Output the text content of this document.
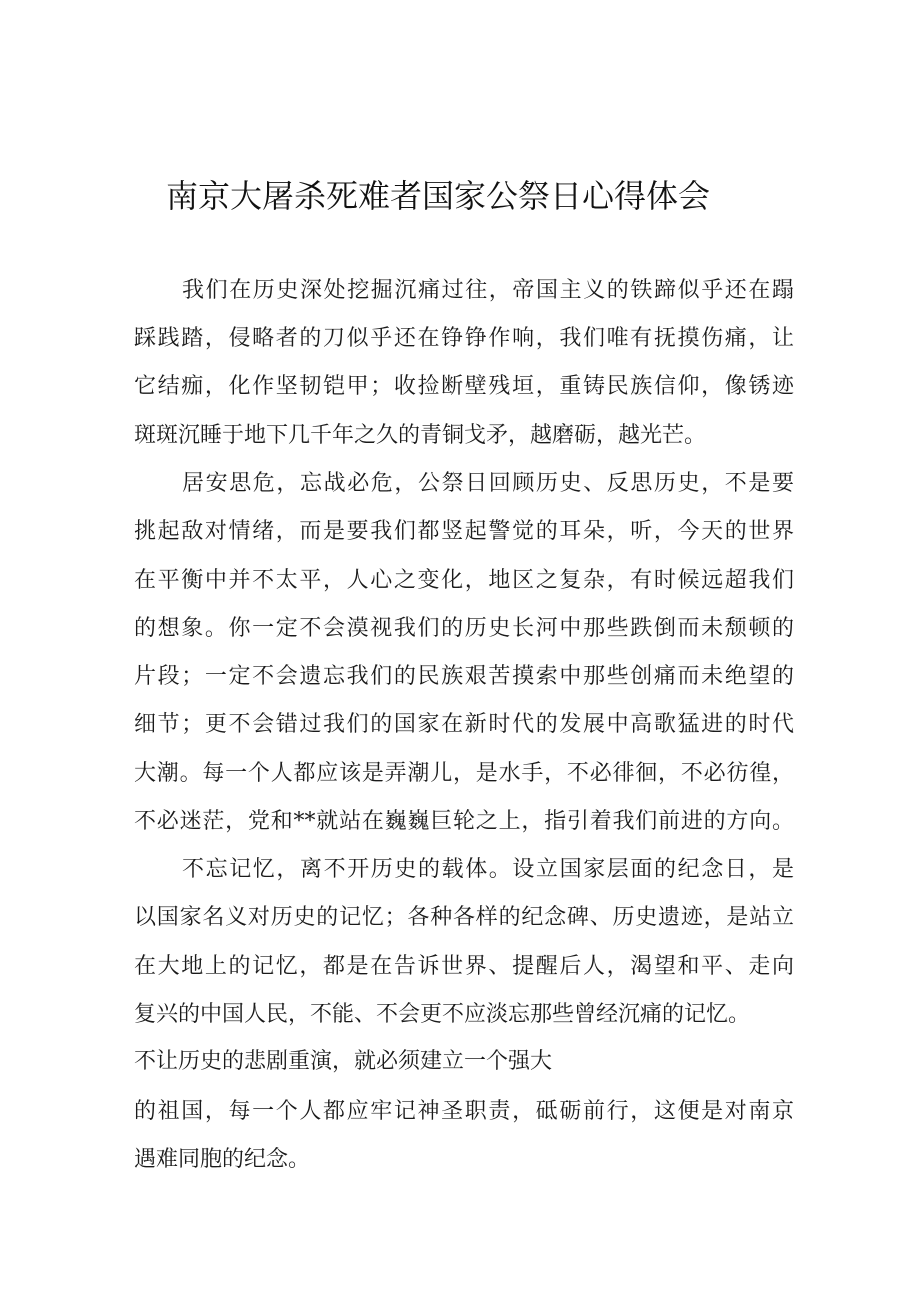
南京大屠杀死难者国家公祭日心得体会
我们在历史深处挖掘沉痛过往，帝国主义的铁蹄似乎还在蹋
踩践踏，侵略者的刀似乎还在铮铮作响，我们唯有抚摸伤痛，让
它结痂，化作坚韧铠甲；收捡断壁残垣，重铸民族信仰，像锈迹
斑斑沉睡于地下几千年之久的青铜戈矛，越磨砺，越光芒。
居安思危，忘战必危，公祭日回顾历史、反思历史，不是要
挑起敌对情绪，而是要我们都竖起警觉的耳朵，听，今天的世界
在平衡中并不太平，人心之变化，地区之复杂，有时候远超我们
的想象。你一定不会漠视我们的历史长河中那些跌倒而未颓顿的
片段；一定不会遗忘我们的民族艰苦摸索中那些创痛而未绝望的
细节；更不会错过我们的国家在新时代的发展中高歌猛进的时代
大潮。每一个人都应该是弄潮儿，是水手，不必徘徊，不必彷徨，
不必迷茫，党和**就站在巍巍巨轮之上，指引着我们前进的方向。
不忘记忆，离不开历史的载体。设立国家层面的纪念日，是
以国家名义对历史的记忆；各种各样的纪念碑、历史遗迹，是站立
在大地上的记忆，都是在告诉世界、提醒后人，渴望和平、走向
复兴的中国人民，不能、不会更不应淡忘那些曾经沉痛的记忆。
不让历史的悲剧重演，就必须建立一个强大
的祖国，每一个人都应牢记神圣职责，砥砺前行，这便是对南京
遇难同胞的纪念。
